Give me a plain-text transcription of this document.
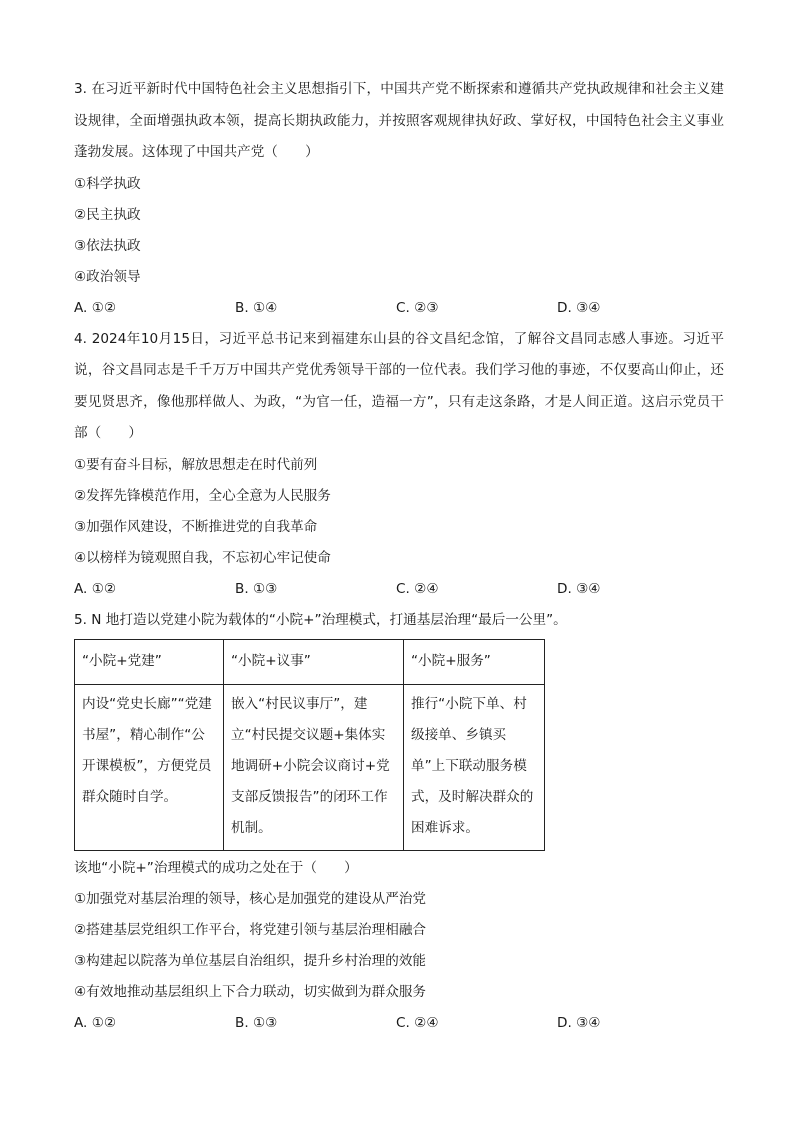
3. 在习近平新时代中国特色社会主义思想指引下，中国共产党不断探索和遵循共产党执政规律和社会主义建设规律，全面增强执政本领，提高长期执政能力，并按照客观规律执好政、掌好权，中国特色社会主义事业蓬勃发展。这体现了中国共产党（　　）

①科学执政

②民主执政

③依法执政

④政治领导

A. ①②	B. ①④	C. ②③	D. ③④

4. 2024年10月15日，习近平总书记来到福建东山县的谷文昌纪念馆，了解谷文昌同志感人事迹。习近平说，谷文昌同志是千千万万中国共产党优秀领导干部的一位代表。我们学习他的事迹，不仅要高山仰止，还要见贤思齐，像他那样做人、为政，“为官一任，造福一方”，只有走这条路，才是人间正道。这启示党员干部（　　）

①要有奋斗目标，解放思想走在时代前列

②发挥先锋模范作用，全心全意为人民服务

③加强作风建设，不断推进党的自我革命

④以榜样为镜观照自我，不忘初心牢记使命

A. ①②	B. ①③	C. ②④	D. ③④

5. N 地打造以党建小院为载体的“小院+”治理模式，打通基层治理“最后一公里”。

“小院+党建”	“小院+议事”	“小院+服务”
内设“党史长廊”“党建书屋”，精心制作“公开课模板”，方便党员群众随时自学。	嵌入“村民议事厅”，建立“村民提交议题+集体实地调研+小院会议商讨+党支部反馈报告”的闭环工作机制。	推行“小院下单、村级接单、乡镇买单”上下联动服务模式，及时解决群众的困难诉求。

该地“小院+”治理模式的成功之处在于（　　）

①加强党对基层治理的领导，核心是加强党的建设从严治党

②搭建基层党组织工作平台，将党建引领与基层治理相融合

③构建起以院落为单位基层自治组织，提升乡村治理的效能

④有效地推动基层组织上下合力联动，切实做到为群众服务

A. ①②	B. ①③	C. ②④	D. ③④
